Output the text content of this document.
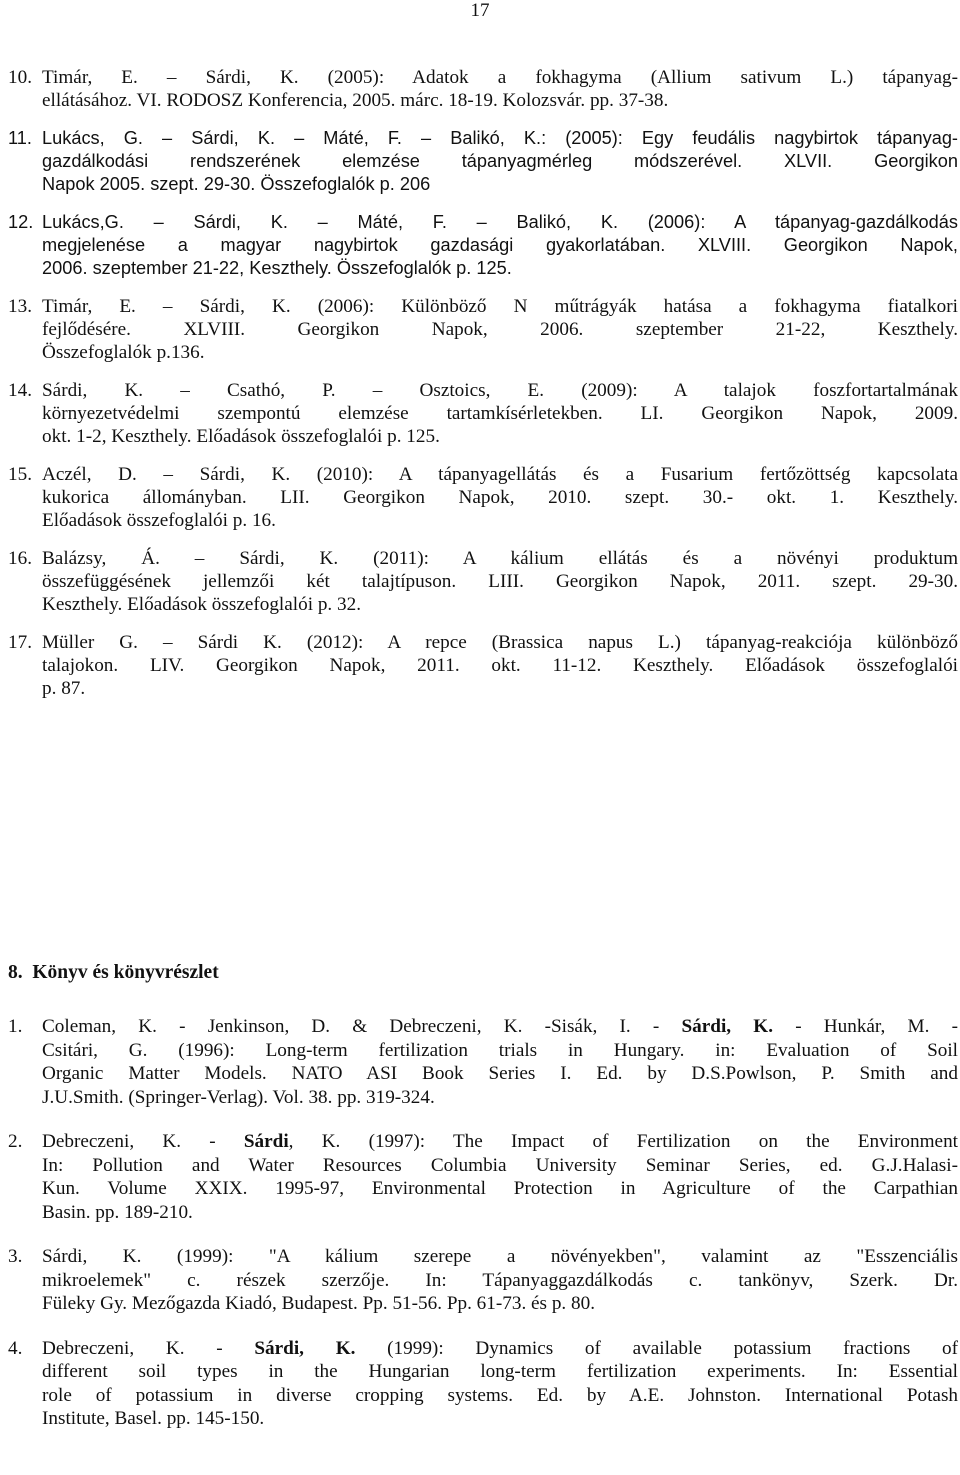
17
10. Timár, E. – Sárdi, K. (2005): Adatok a fokhagyma (Allium sativum L.) tápanyag-
ellátásához. VI. RODOSZ Konferencia, 2005. márc. 18-19. Kolozsvár. pp. 37-38.
11. Lukács, G. – Sárdi, K. – Máté, F. – Balikó, K.: (2005): Egy feudális nagybirtok tápanyag-
gazdálkodási rendszerének elemzése tápanyagmérleg módszerével. XLVII. Georgikon
Napok 2005. szept. 29-30. Összefoglalók p. 206
12. Lukács,G. – Sárdi, K. – Máté, F. – Balikó, K. (2006): A tápanyag-gazdálkodás
megjelenése a magyar nagybirtok gazdasági gyakorlatában. XLVIII. Georgikon Napok,
2006. szeptember 21-22, Keszthely. Összefoglalók p. 125.
13. Timár, E. – Sárdi, K. (2006): Különböző N műtrágyák hatása a fokhagyma fiatalkori
fejlődésére. XLVIII. Georgikon Napok, 2006. szeptember 21-22, Keszthely.
Összefoglalók p.136.
14. Sárdi, K. – Csathó, P. – Osztoics, E. (2009): A talajok foszfortartalmának
környezetvédelmi szempontú elemzése tartamkísérletekben. LI. Georgikon Napok, 2009.
okt. 1-2, Keszthely. Előadások összefoglalói p. 125.
15. Aczél, D. – Sárdi, K. (2010): A tápanyagellátás és a Fusarium fertőzöttség kapcsolata
kukorica állományban. LII. Georgikon Napok, 2010. szept. 30.- okt. 1. Keszthely.
Előadások összefoglalói p. 16.
16. Balázsy, Á. – Sárdi, K. (2011): A kálium ellátás és a növényi produktum
összefüggésének jellemzői két talajtípuson. LIII. Georgikon Napok, 2011. szept. 29-30.
Keszthely. Előadások összefoglalói p. 32.
17. Müller G. – Sárdi K. (2012): A repce (Brassica napus L.) tápanyag-reakciója különböző
talajokon. LIV. Georgikon Napok, 2011. okt. 11-12. Keszthely. Előadások összefoglalói
p. 87.
8. Könyv és könyvrészlet
1. Coleman, K. - Jenkinson, D. & Debreczeni, K. -Sisák, I. - Sárdi, K. - Hunkár, M. -
Csitári, G. (1996): Long-term fertilization trials in Hungary. in: Evaluation of Soil
Organic Matter Models. NATO ASI Book Series I. Ed. by D.S.Powlson, P. Smith and
J.U.Smith. (Springer-Verlag). Vol. 38. pp. 319-324.
2. Debreczeni, K. - Sárdi, K. (1997): The Impact of Fertilization on the Environment
In: Pollution and Water Resources Columbia University Seminar Series, ed. G.J.Halasi-
Kun. Volume XXIX. 1995-97, Environmental Protection in Agriculture of the Carpathian
Basin. pp. 189-210.
3. Sárdi, K. (1999): "A kálium szerepe a növényekben", valamint az "Esszenciális
mikroelemek" c. részek szerzője. In: Tápanyaggazdálkodás c. tankönyv, Szerk. Dr.
Füleky Gy. Mezőgazda Kiadó, Budapest. Pp. 51-56. Pp. 61-73. és p. 80.
4. Debreczeni, K. - Sárdi, K. (1999): Dynamics of available potassium fractions of
different soil types in the Hungarian long-term fertilization experiments. In: Essential
role of potassium in diverse cropping systems. Ed. by A.E. Johnston. International Potash
Institute, Basel. pp. 145-150.
